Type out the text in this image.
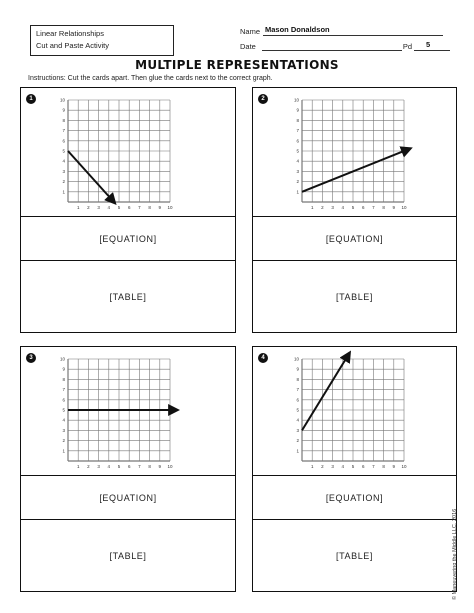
Linear Relationships
Cut and Paste Activity
Name Mason Donaldson
Date	Pd 5
MULTIPLE REPRESENTATIONS
Instructions: Cut the cards apart. Then glue the cards next to the correct graph.
1
1 2 3 4 5 6 7 8 9 10
1
2
3
4
5
6
7
8
9
10
[EQUATION]
[TABLE]
2
1 2 3 4 5 6 7 8 9 10
1
2
3
4
5
6
7
8
9
10
[EQUATION]
[TABLE]
3
1 2 3 4 5 6 7 8 9 10
1
2
3
4
5
6
7
8
9
10
[EQUATION]
[TABLE]
4
1 2 3 4 5 6 7 8 9 10
1
2
3
4
5
6
7
8
9
10
[EQUATION]
[TABLE]	© Maneuvering the Middle LLC, 2016
